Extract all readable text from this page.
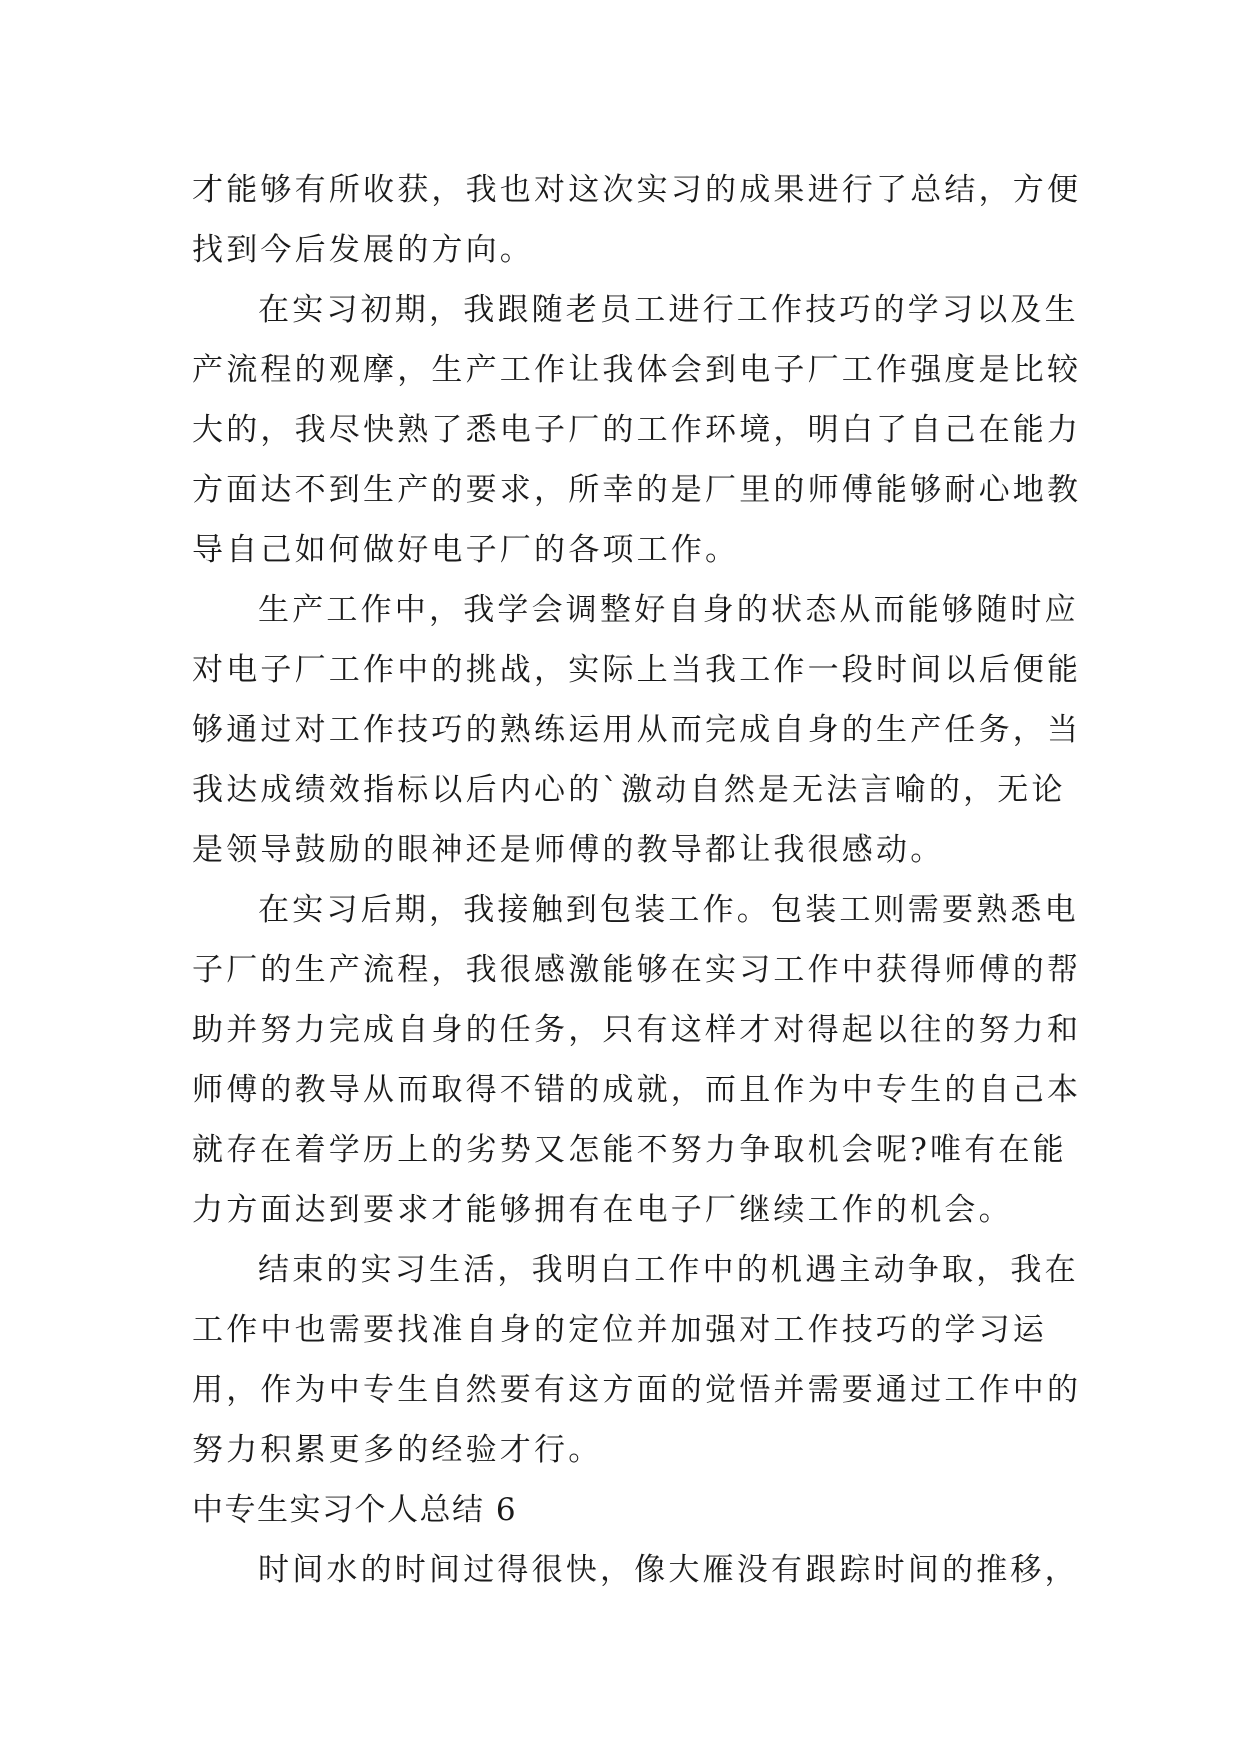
才能够有所收获，我也对这次实习的成果进行了总结，方便
找到今后发展的方向。
在实习初期，我跟随老员工进行工作技巧的学习以及生
产流程的观摩，生产工作让我体会到电子厂工作强度是比较
大的，我尽快熟了悉电子厂的工作环境，明白了自己在能力
方面达不到生产的要求，所幸的是厂里的师傅能够耐心地教
导自己如何做好电子厂的各项工作。
生产工作中，我学会调整好自身的状态从而能够随时应
对电子厂工作中的挑战，实际上当我工作一段时间以后便能
够通过对工作技巧的熟练运用从而完成自身的生产任务，当
我达成绩效指标以后内心的`激动自然是无法言喻的，无论
是领导鼓励的眼神还是师傅的教导都让我很感动。
在实习后期，我接触到包装工作。包装工则需要熟悉电
子厂的生产流程，我很感激能够在实习工作中获得师傅的帮
助并努力完成自身的任务，只有这样才对得起以往的努力和
师傅的教导从而取得不错的成就，而且作为中专生的自己本
就存在着学历上的劣势又怎能不努力争取机会呢?唯有在能
力方面达到要求才能够拥有在电子厂继续工作的机会。
结束的实习生活，我明白工作中的机遇主动争取，我在
工作中也需要找准自身的定位并加强对工作技巧的学习运
用，作为中专生自然要有这方面的觉悟并需要通过工作中的
努力积累更多的经验才行。
中专生实习个人总结 6
时间水的时间过得很快，像大雁没有跟踪时间的推移，
